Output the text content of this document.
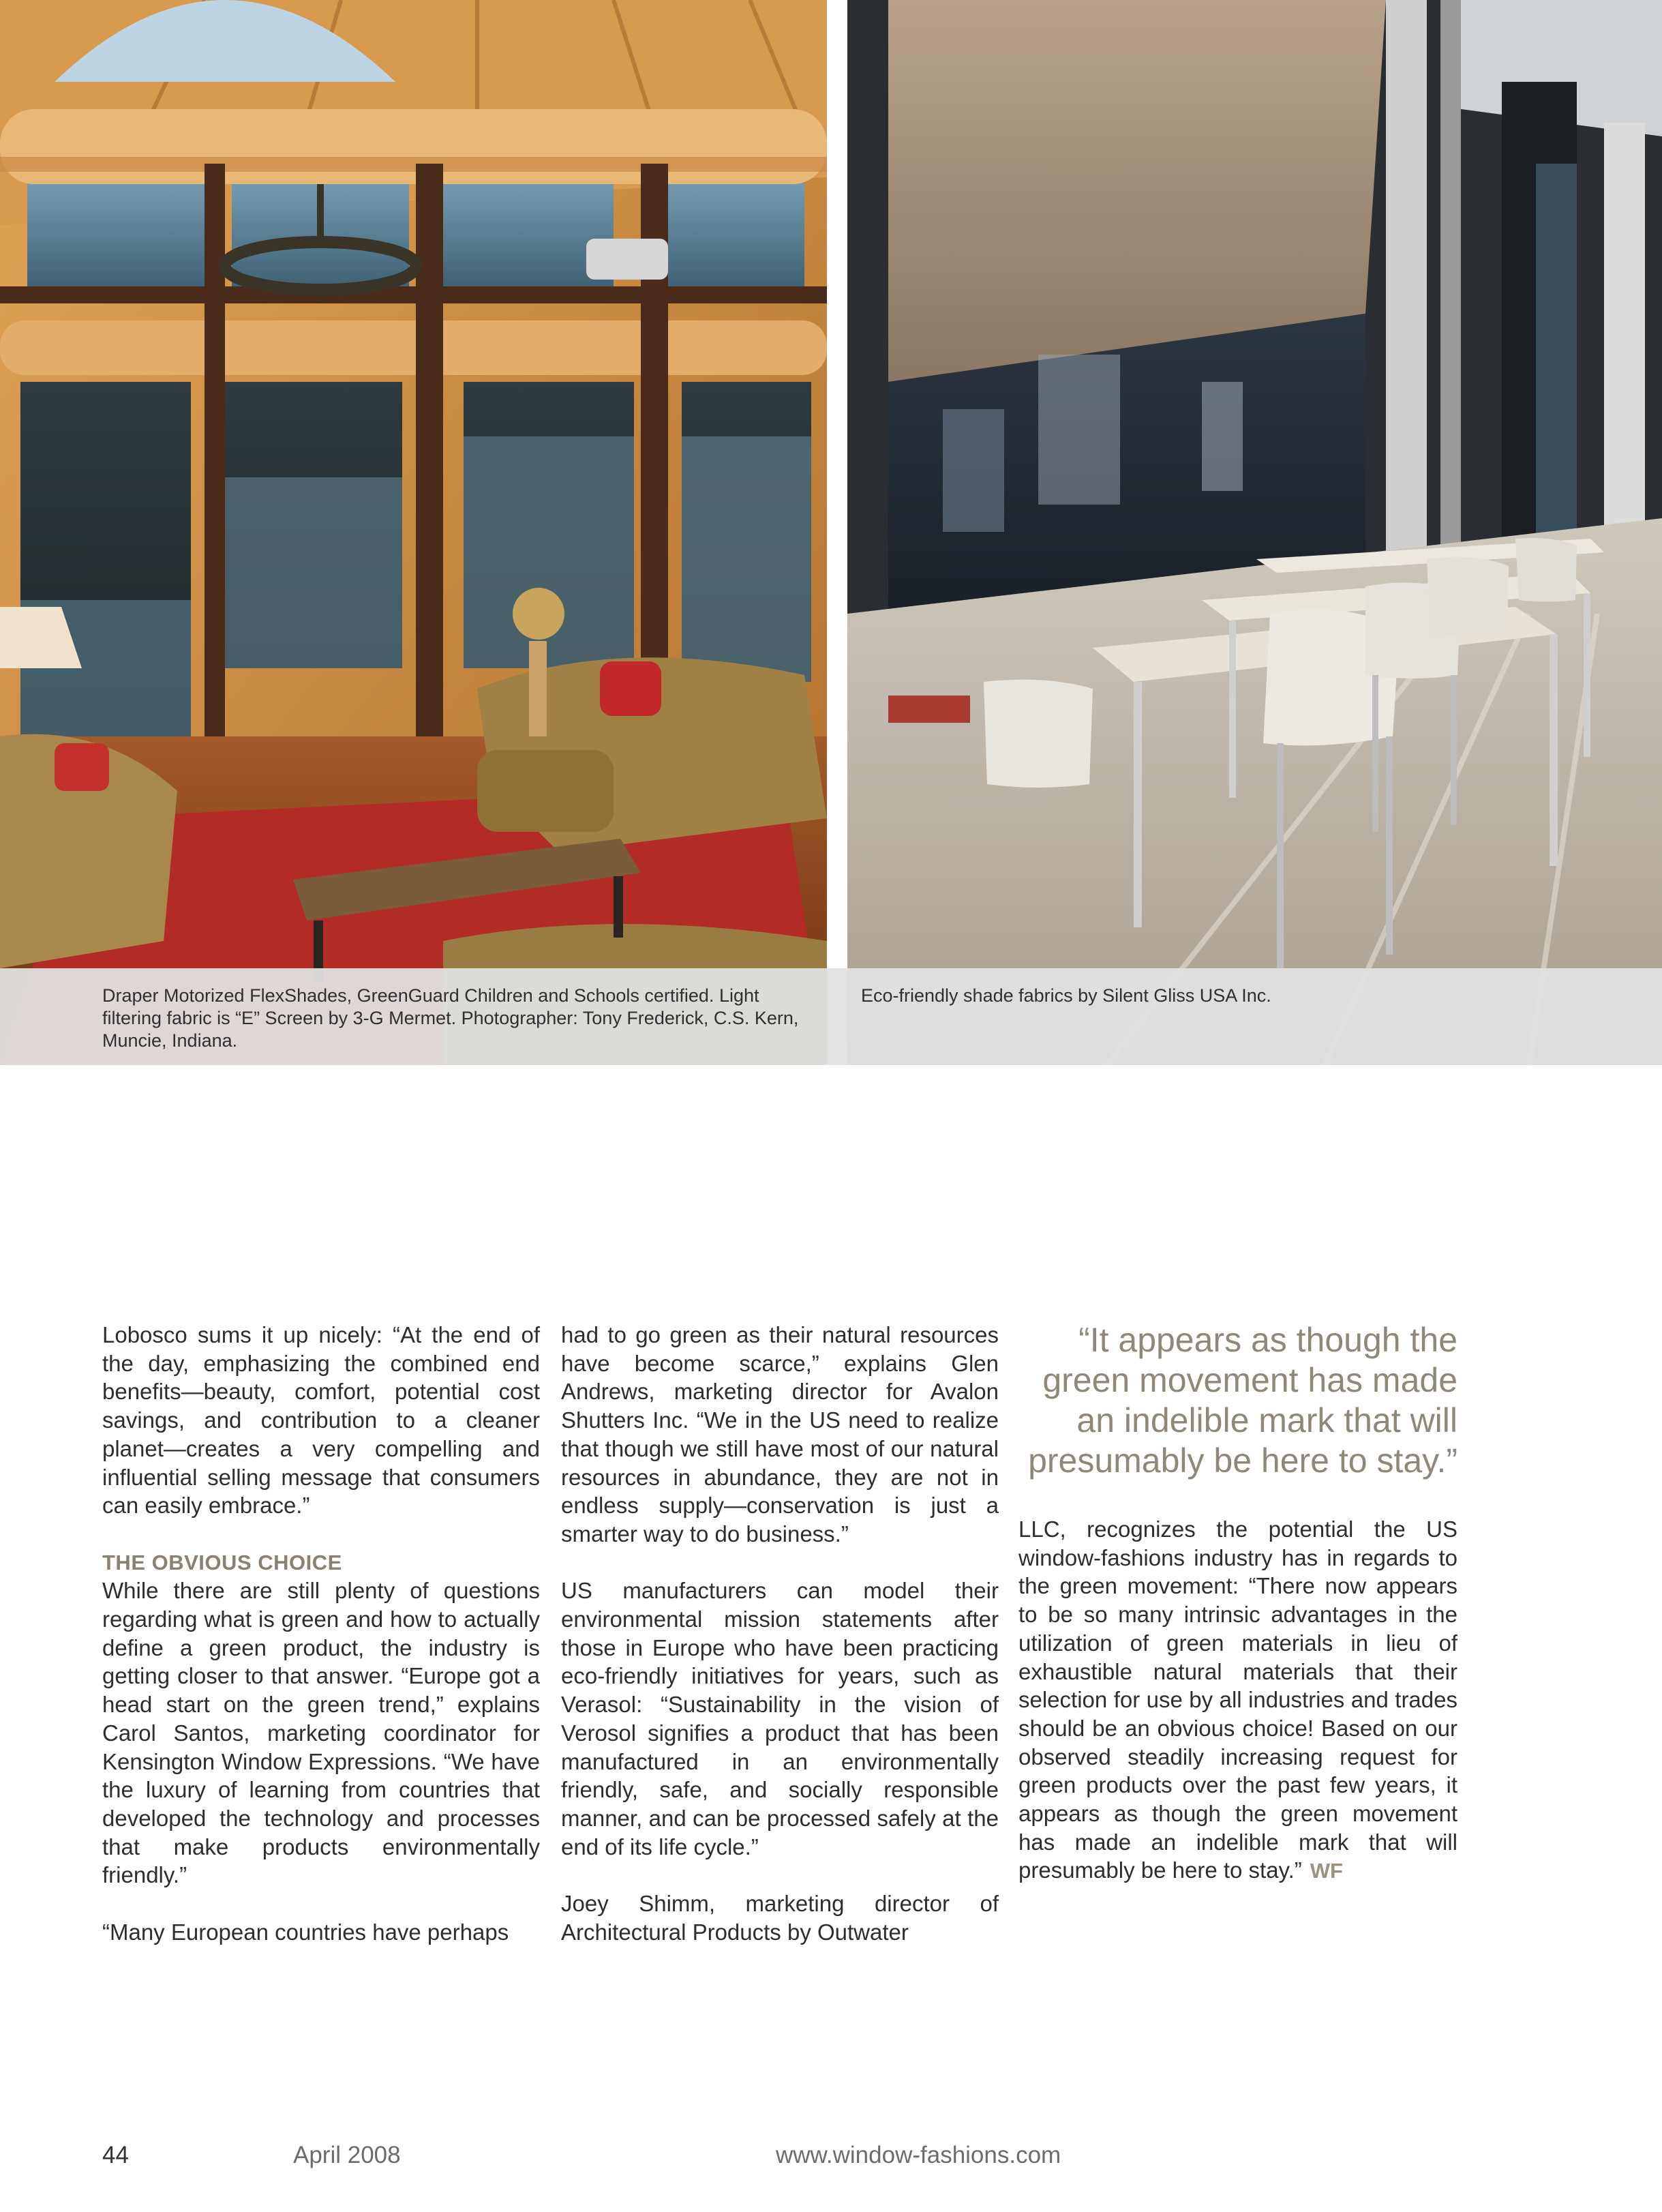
Draper Motorized FlexShades, GreenGuard Children and Schools certified. Light filtering fabric is “E” Screen by 3-G Mermet. Photographer: Tony Frederick, C.S. Kern, Muncie, Indiana.
Eco-friendly shade fabrics by Silent Gliss USA Inc.

Lobosco sums it up nicely: “At the end of the day, emphasizing the combined end benefits—beauty, comfort, potential cost savings, and contribution to a cleaner planet—creates a very compelling and influential selling message that consumers can easily embrace.”

THE OBVIOUS CHOICE

While there are still plenty of questions regarding what is green and how to actually define a green product, the industry is getting closer to that answer. “Europe got a head start on the green trend,” explains Carol Santos, marketing coordinator for Kensington Window Expressions. “We have the luxury of learning from countries that developed the technology and processes that make products environmentally friendly.”

“Many European countries have perhaps

had to go green as their natural resources have become scarce,” explains Glen Andrews, marketing director for Avalon Shutters Inc. “We in the US need to realize that though we still have most of our natural resources in abundance, they are not in endless supply—conservation is just a smarter way to do business.”

US manufacturers can model their environmental mission statements after those in Europe who have been practicing eco-friendly initiatives for years, such as Verasol: “Sustainability in the vision of Verosol signifies a product that has been manufactured in an environmentally friendly, safe, and socially responsible manner, and can be processed safely at the end of its life cycle.”

Joey Shimm, marketing director of Architectural Products by Outwater

“It appears as though the green movement has made an indelible mark that will presumably be here to stay.”

LLC, recognizes the potential the US window-fashions industry has in regards to the green movement: “There now appears to be so many intrinsic advantages in the utilization of green materials in lieu of exhaustible natural materials that their selection for use by all industries and trades should be an obvious choice! Based on our observed steadily increasing request for green products over the past few years, it appears as though the green movement has made an indelible mark that will presumably be here to stay.” WF

44	April 2008	www.window-fashions.com
